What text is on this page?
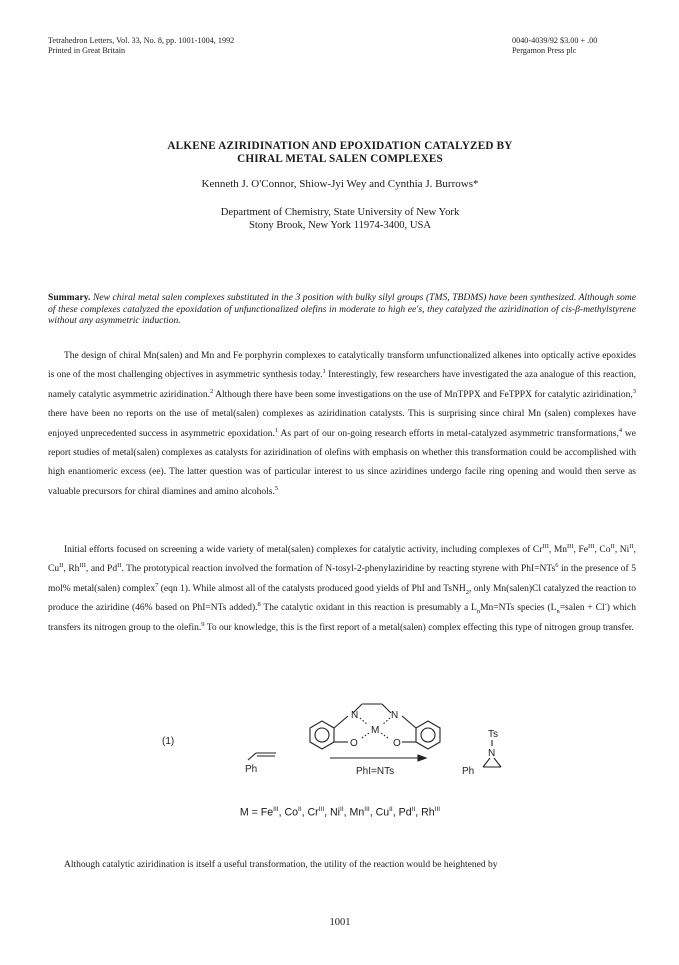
Tetrahedron Letters, Vol. 33, No. 8, pp. 1001-1004, 1992
Printed in Great Britain
0040-4039/92 $3.00 + .00
Pergamon Press plc
ALKENE AZIRIDINATION AND EPOXIDATION CATALYZED BY
CHIRAL METAL SALEN COMPLEXES
Kenneth J. O'Connor, Shiow-Jyi Wey and Cynthia J. Burrows*
Department of Chemistry, State University of New York
Stony Brook, New York 11974-3400, USA
Summary. New chiral metal salen complexes substituted in the 3 position with bulky silyl groups (TMS, TBDMS) have been synthesized. Although some of these complexes catalyzed the epoxidation of unfunctionalized olefins in moderate to high ee's, they catalyzed the aziridination of cis-β-methylstyrene without any asymmetric induction.

The design of chiral Mn(salen) and Mn and Fe porphyrin complexes to catalytically transform unfunctionalized alkenes into optically active epoxides is one of the most challenging objectives in asymmetric synthesis today.$^1$ Interestingly, few researchers have investigated the aza analogue of this reaction, namely catalytic asymmetric aziridination.$^2$ Although there have been some investigations on the use of MnTPPX and FeTPPX for catalytic aziridination,$^3$ there have been no reports on the use of metal(salen) complexes as aziridination catalysts. This is surprising since chiral Mn (salen) complexes have enjoyed unprecedented success in asymmetric epoxidation.$^1$ As part of our on-going research efforts in metal-catalyzed asymmetric transformations,$^4$ we report studies of metal(salen) complexes as catalysts for aziridination of olefins with emphasis on whether this transformation could be accomplished with high enantiomeric excess (ee). The latter question was of particular interest to us since aziridines undergo facile ring opening and would then serve as valuable precursors for chiral diamines and amino alcohols.$^5$

Initial efforts focused on screening a wide variety of metal(salen) complexes for catalytic activity, including complexes of $Cr^{III}$, $Mn^{III}$, $Fe^{III}$, $Co^{II}$, $Ni^{II}$, $Cu^{II}$, $Rh^{III}$, and $Pd^{II}$. The prototypical reaction involved the formation of N-tosyl-2-phenylaziridine by reacting styrene with PhI=NTs$^6$ in the presence of 5 mol% metal(salen) complex$^7$ (eqn 1). While almost all of the catalysts produced good yields of PhI and TsNH$_2$, only Mn(salen)Cl catalyzed the reaction to produce the aziridine (46% based on PhI=NTs added).$^8$ The catalytic oxidant in this reaction is presumably a $L_nMn=NTs$ species $(L_n=salen + Cl^-)$ which transfers its nitrogen group to the olefin.$^9$ To our knowledge, this is the first report of a metal(salen) complex effecting this type of nitrogen group transfer.

(1)
Ph
N	N
M
O	O
PhI=NTs
Ts
N
Ph
$M = Fe^{III}$, $Co^{II}$, $Cr^{III}$, $Ni^{II}$, $Mn^{III}$, $Cu^{II}$, $Pd^{II}$, $Rh^{III}$

Although catalytic aziridination is itself a useful transformation, the utility of the reaction would be heightened by

1001
